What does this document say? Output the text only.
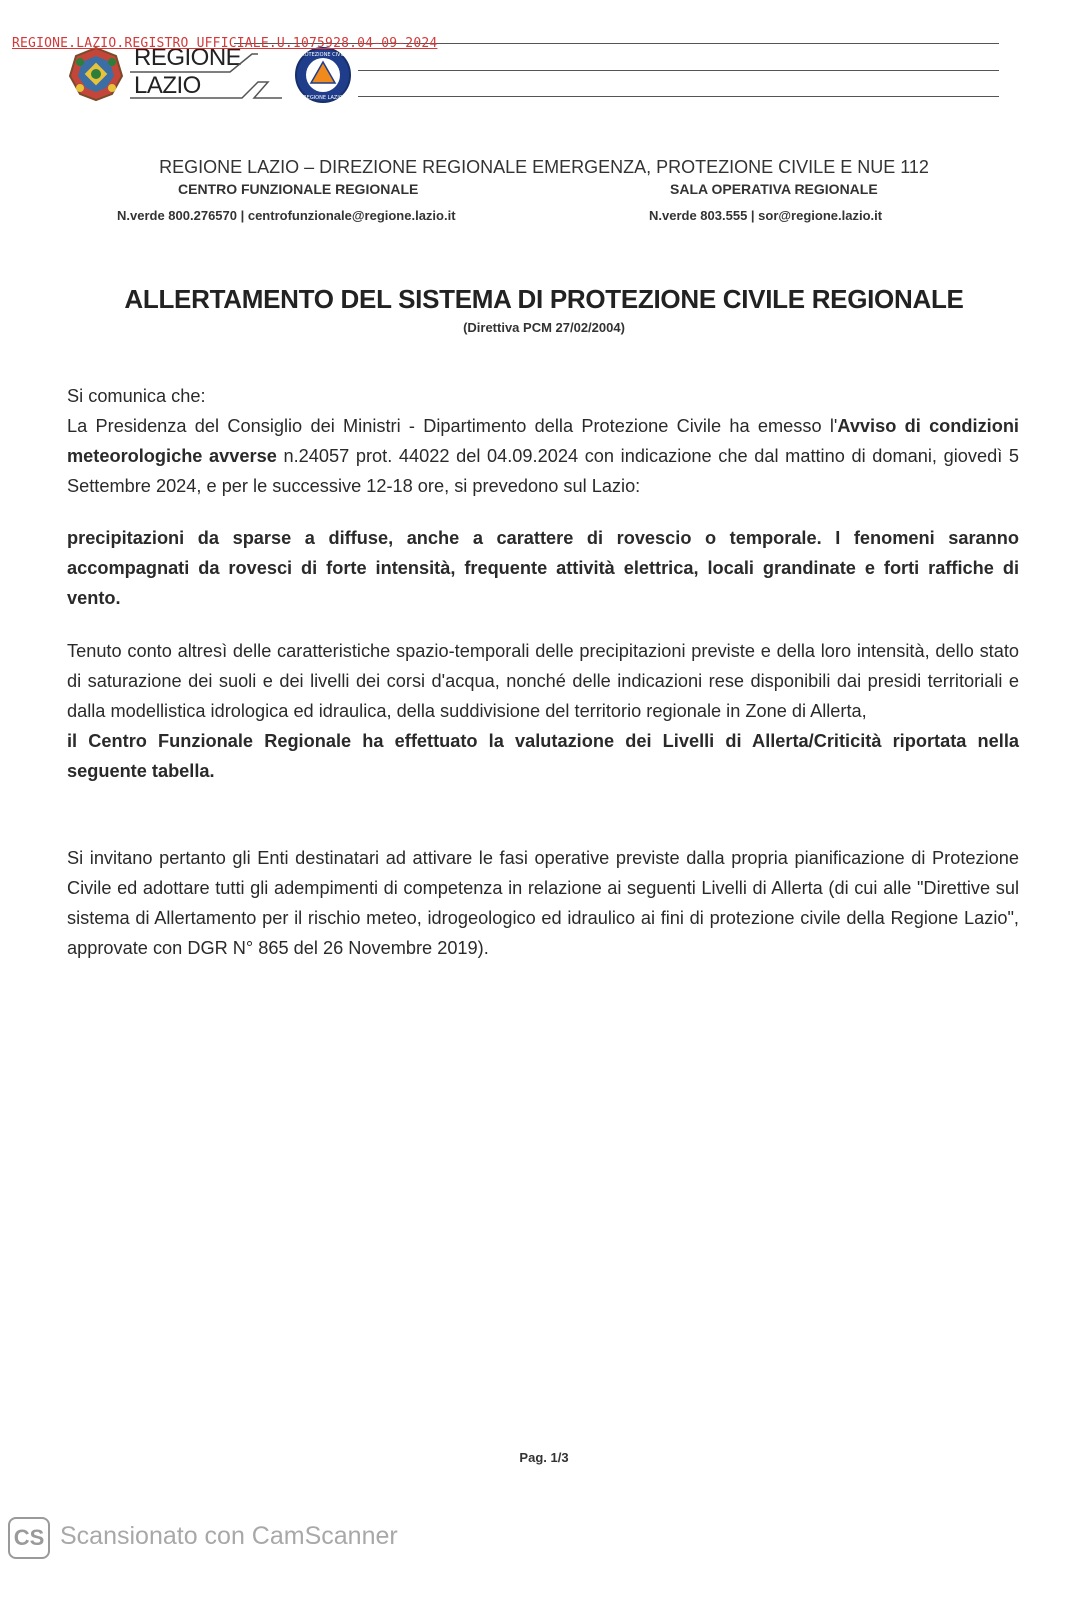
REGIONE.LAZIO.REGISTRO UFFICIALE.U.1075928.04-09-2024
REGIONE
LAZIO
PROTEZIONE CIVILE
REGIONE LAZIO
REGIONE LAZIO – DIREZIONE REGIONALE EMERGENZA, PROTEZIONE CIVILE E NUE 112
CENTRO FUNZIONALE REGIONALE	SALA OPERATIVA REGIONALE
N.verde 800.276570 | centrofunzionale@regione.lazio.it	N.verde 803.555 | sor@regione.lazio.it
ALLERTAMENTO DEL SISTEMA DI PROTEZIONE CIVILE REGIONALE
(Direttiva PCM 27/02/2004)

Si comunica che:

La Presidenza del Consiglio dei Ministri - Dipartimento della Protezione Civile ha emesso l'Avviso di condizioni meteorologiche avverse n.24057 prot. 44022 del 04.09.2024 con indicazione che dal mattino di domani, giovedì 5 Settembre 2024, e per le successive 12-18 ore, si prevedono sul Lazio:

precipitazioni da sparse a diffuse, anche a carattere di rovescio o temporale. I fenomeni saranno accompagnati da rovesci di forte intensità, frequente attività elettrica, locali grandinate e forti raffiche di vento.

Tenuto conto altresì delle caratteristiche spazio-temporali delle precipitazioni previste e della loro intensità, dello stato di saturazione dei suoli e dei livelli dei corsi d'acqua, nonché delle indicazioni rese disponibili dai presidi territoriali e dalla modellistica idrologica ed idraulica, della suddivisione del territorio regionale in Zone di Allerta,

il Centro Funzionale Regionale ha effettuato la valutazione dei Livelli di Allerta/Criticità riportata nella seguente tabella.

Si invitano pertanto gli Enti destinatari ad attivare le fasi operative previste dalla propria pianificazione di Protezione Civile ed adottare tutti gli adempimenti di competenza in relazione ai seguenti Livelli di Allerta (di cui alle "Direttive sul sistema di Allertamento per il rischio meteo, idrogeologico ed idraulico ai fini di protezione civile della Regione Lazio", approvate con DGR N° 865 del 26 Novembre 2019).
Pag. 1/3
CS Scansionato con CamScanner
